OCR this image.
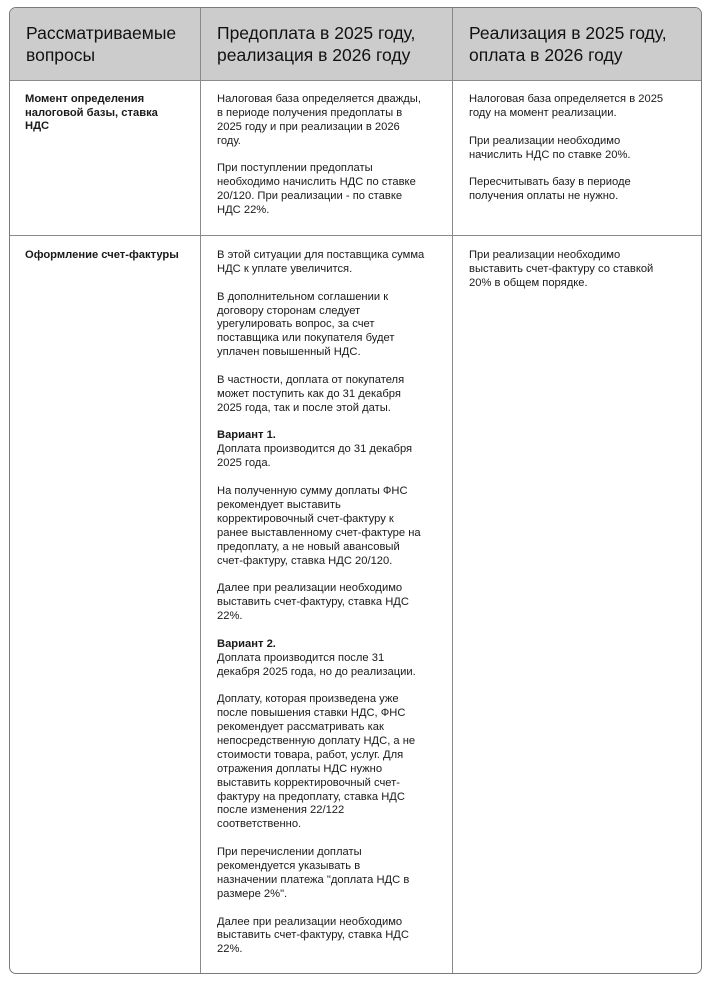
Рассматриваемые
вопросы
Предоплата в 2025 году,
реализация в 2026 году
Реализация в 2025 году,
оплата в 2026 году
Момент определения
налоговой базы, ставка
НДС

Налоговая база определяется дважды,
в периоде получения предоплаты в
2025 году и при реализации в 2026
году.

При поступлении предоплаты
необходимо начислить НДС по ставке
20/120. При реализации - по ставке
НДС 22%.

Налоговая база определяется в 2025
году на момент реализации.

При реализации необходимо
начислить НДС по ставке 20%.

Пересчитывать базу в периоде
получения оплаты не нужно.

Оформление счет-фактуры	В этой ситуации для поставщика сумма
НДС к уплате увеличится.

В дополнительном соглашении к
договору сторонам следует
урегулировать вопрос, за счет
поставщика или покупателя будет
уплачен повышенный НДС.

В частности, доплата от покупателя
может поступить как до 31 декабря
2025 года, так и после этой даты.

Вариант 1.
Доплата производится до 31 декабря
2025 года.

На полученную сумму доплаты ФНС
рекомендует выставить
корректировочный счет-фактуру к
ранее выставленному счет-фактуре на
предоплату, а не новый авансовый
счет-фактуру, ставка НДС 20/120.

Далее при реализации необходимо
выставить счет-фактуру, ставка НДС
22%.

Вариант 2.
Доплата производится после 31
декабря 2025 года, но до реализации.

Доплату, которая произведена уже
после повышения ставки НДС, ФНС
рекомендует рассматривать как
непосредственную доплату НДС, а не
стоимости товара, работ, услуг. Для
отражения доплаты НДС нужно
выставить корректировочный счет-
фактуру на предоплату, ставка НДС
после изменения 22/122
соответственно.

При перечислении доплаты
рекомендуется указывать в
назначении платежа "доплата НДС в
размере 2%".

Далее при реализации необходимо
выставить счет-фактуру, ставка НДС
22%.

При реализации необходимо
выставить счет-фактуру со ставкой
20% в общем порядке.
